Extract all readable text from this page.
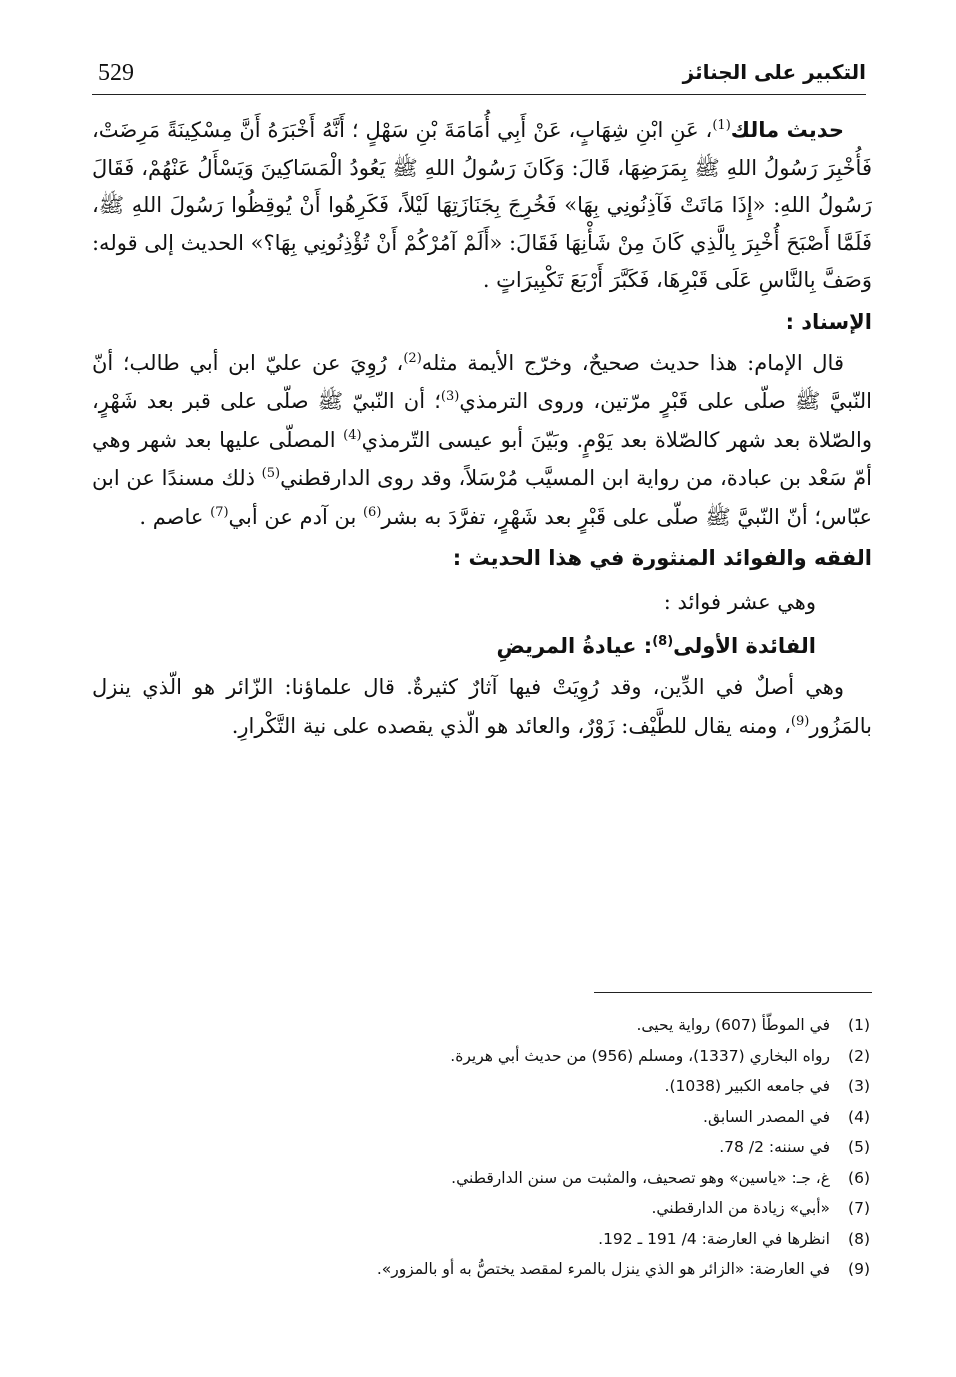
529	التكبير على الجنائز

حديث مالك$^{(1)}$، عَنِ ابْنِ شِهَابٍ، عَنْ أَبِي أُمَامَةَ بْنِ سَهْلٍ ؛ أَنَّهُ أَخْبَرَهُ أَنَّ مِسْكِينَةً مَرِضَتْ، فَأُخْبِرَ رَسُولُ اللهِ ﷺ بِمَرَضِهَا، قَالَ: وَكَانَ رَسُولُ اللهِ ﷺ يَعُودُ الْمَسَاكِينَ وَيَسْأَلُ عَنْهُمْ، فَقَالَ رَسُولُ اللهِ: «إِذَا مَاتَتْ فَآذِنُونِي بِهَا» فَخُرِجَ بِجَنَازَتِهَا لَيْلاً، فَكَرِهُوا أَنْ يُوقِظُوا رَسُولَ اللهِ ﷺ، فَلَمَّا أَصْبَحَ أُخْبِرَ بِالَّذِي كَانَ مِنْ شَأْنِهَا فَقَالَ: «أَلَمْ آمُرْكُمْ أَنْ تُؤْذِنُونِي بِهَا؟» الحديث إلى قوله: وَصَفَّ بِالنَّاسِ عَلَى قَبْرِهَا، فَكَبَّرَ أَرْبَعَ تَكْبِيرَاتٍ .

الإسناد :

قال الإمام: هذا حديث صحيحٌ، وخرّج الأيمة مثله$^{(2)}$، رُوِيَ عن عليّ ابن أبي طالب؛ أنّ النّبيَّ ﷺ صلّى على قَبْرٍ مرّتين، وروى الترمذي$^{(3)}$؛ أن النّبيّ ﷺ صلّى على قبر بعد شَهْرٍ، والصّلاة بعد شهر كالصّلاة بعد يَوْمٍ. وبَيّنَ أبو عيسى التّرمذي$^{(4)}$ المصلّى عليها بعد شهر وهي أمّ سَعْد بن عبادة، من رواية ابن المسيَّب مُرْسَلاً، وقد روى الدارقطني$^{(5)}$ ذلك مسندًا عن ابن عبّاس؛ أنّ النّبيَّ ﷺ صلّى على قَبْرٍ بعد شَهْرٍ، تفرَّدَ به بشر$^{(6)}$ بن آدم عن أبي$^{(7)}$ عاصم .

الفقه والفوائد المنثورة في هذا الحديث :

وهي عشر فوائد :

الفائدة الأولى$^{(8)}$: عيادةُ المريضِ

وهي أصلٌ في الدِّين، وقد رُوِيَتْ فيها آثارٌ كثيرةٌ. قال علماؤنا: الزّائر هو الّذي ينزل بالمَزُور$^{(9)}$، ومنه يقال للطَّيْف: زَوْرٌ، والعائد هو الّذي يقصده على نية التَّكْرارِ.

(1)في الموطّأ (607) رواية يحيى.
(2)رواه البخاري (1337)، ومسلم (956) من حديث أبي هريرة.
(3)في جامعه الكبير (1038).
(4)في المصدر السابق.
(5)في سننه: 2/ 78.
(6)غ، جـ: «ياسين» وهو تصحيف، والمثبت من سنن الدارقطني.
(7)«أبي» زيادة من الدارقطني.
(8)انظرها في العارضة: 4/ 191 ـ 192.
(9)في العارضة: «الزائر هو الذي ينزل بالمرء لمقصد يختصُّ به أو بالمزور».
